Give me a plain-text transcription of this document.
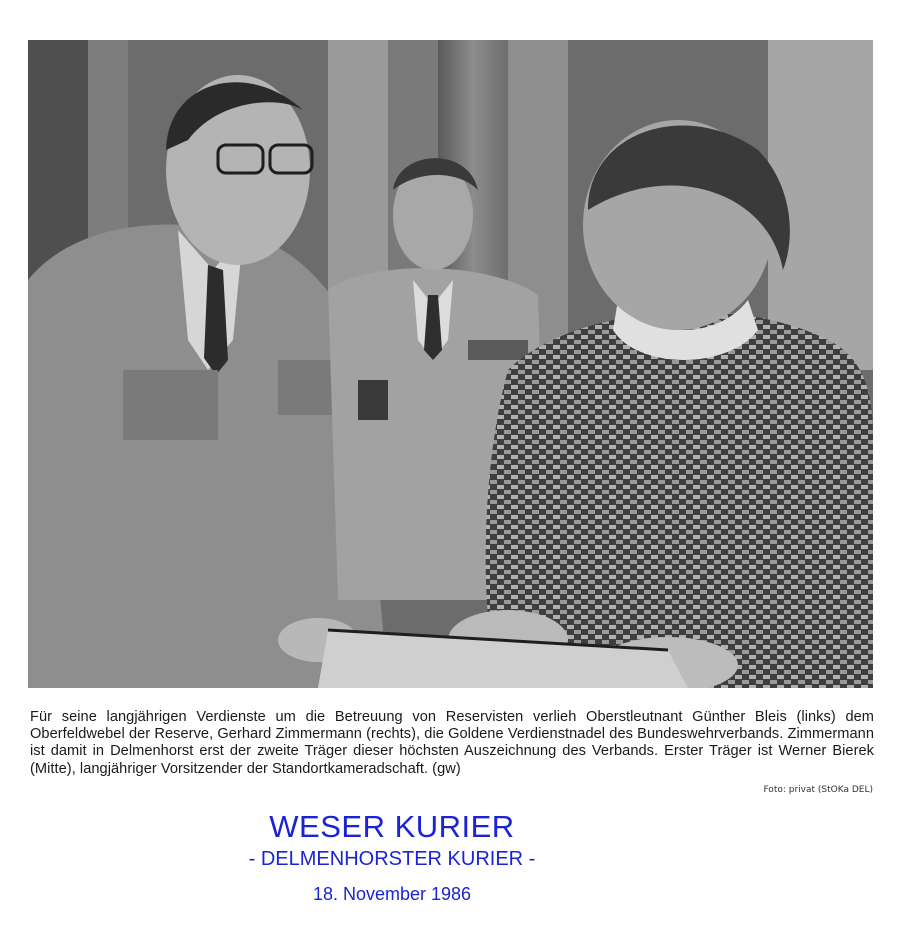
Für seine langjährigen Verdienste um die Betreuung von Reservisten verlieh Oberstleutnant Günther Bleis (links) dem Oberfeldwebel der Reserve, Gerhard Zimmermann (rechts), die Goldene Verdienstnadel des Bundeswehrverbands. Zimmermann ist damit in Delmenhorst erst der zweite Träger dieser höchsten Auszeichnung des Verbands. Erster Träger ist Werner Bierek (Mitte), langjähriger Vorsitzender der Standortkameradschaft. (gw)

Foto: privat (StOKa DEL)
WESER KURIER
- DELMENHORSTER KURIER -
18. November 1986
